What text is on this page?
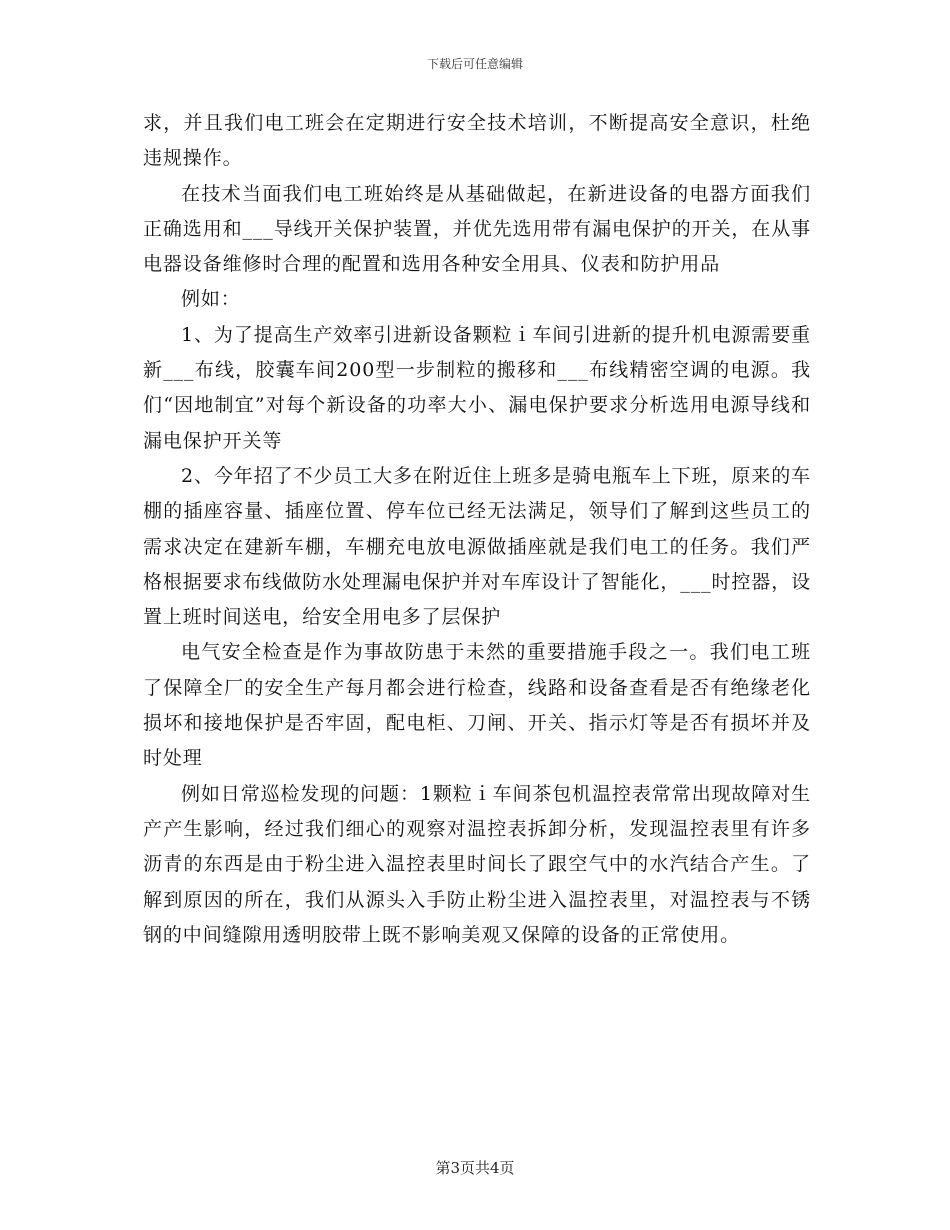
下载后可任意编辑

求，并且我们电工班会在定期进行安全技术培训，不断提高安全意识，杜绝违规操作。

在技术当面我们电工班始终是从基础做起，在新进设备的电器方面我们正确选用和___导线开关保护装置，并优先选用带有漏电保护的开关，在从事电器设备维修时合理的配置和选用各种安全用具、仪表和防护用品

例如：

1、为了提高生产效率引进新设备颗粒ｉ车间引进新的提升机电源需要重新___布线，胶囊车间200型一步制粒的搬移和___布线精密空调的电源。我们“因地制宜”对每个新设备的功率大小、漏电保护要求分析选用电源导线和漏电保护开关等

2、今年招了不少员工大多在附近住上班多是骑电瓶车上下班，原来的车棚的插座容量、插座位置、停车位已经无法满足，领导们了解到这些员工的需求决定在建新车棚，车棚充电放电源做插座就是我们电工的任务。我们严格根据要求布线做防水处理漏电保护并对车库设计了智能化，___时控器，设置上班时间送电，给安全用电多了层保护

电气安全检查是作为事故防患于未然的重要措施手段之一。我们电工班了保障全厂的安全生产每月都会进行检查，线路和设备查看是否有绝缘老化损坏和接地保护是否牢固，配电柜、刀闸、开关、指示灯等是否有损坏并及时处理

例如日常巡检发现的问题：1颗粒ｉ车间茶包机温控表常常出现故障对生产产生影响，经过我们细心的观察对温控表拆卸分析，发现温控表里有许多沥青的东西是由于粉尘进入温控表里时间长了跟空气中的水汽结合产生。了解到原因的所在，我们从源头入手防止粉尘进入温控表里，对温控表与不锈钢的中间缝隙用透明胶带上既不影响美观又保障的设备的正常使用。

第3页共4页
